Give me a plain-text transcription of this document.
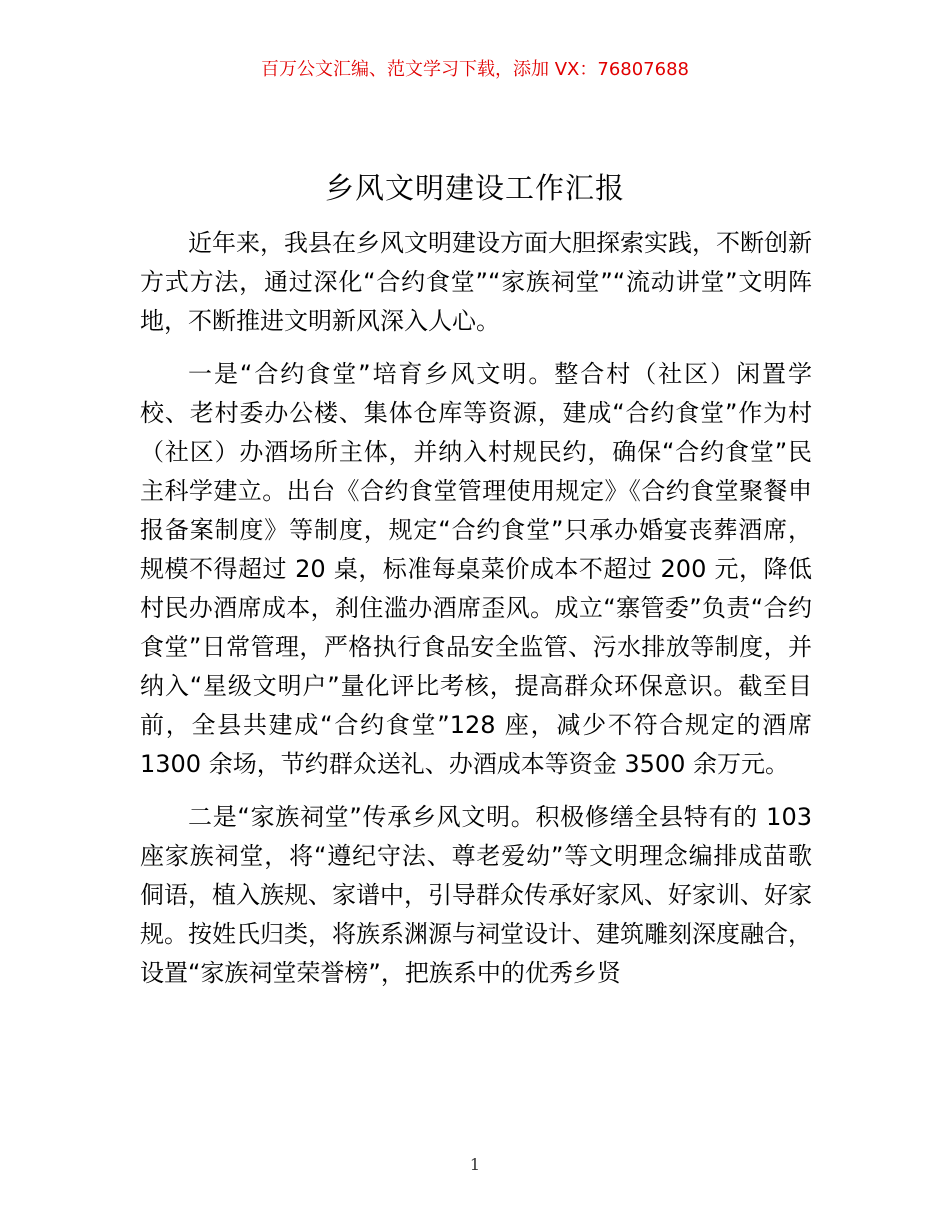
百万公文汇编、范文学习下载，添加 VX：76807688
乡风文明建设工作汇报

近年来，我县在乡风文明建设方面大胆探索实践，不断创新方式方法，通过深化“合约食堂”“家族祠堂”“流动讲堂”文明阵地，不断推进文明新风深入人心。

一是“合约食堂”培育乡风文明。整合村（社区）闲置学校、老村委办公楼、集体仓库等资源，建成“合约食堂”作为村（社区）办酒场所主体，并纳入村规民约，确保“合约食堂”民主科学建立。出台《合约食堂管理使用规定》《合约食堂聚餐申报备案制度》等制度，规定“合约食堂”只承办婚宴丧葬酒席，规模不得超过 20 桌，标准每桌菜价成本不超过 200 元，降低村民办酒席成本，刹住滥办酒席歪风。成立“寨管委”负责“合约食堂”日常管理，严格执行食品安全监管、污水排放等制度，并纳入“星级文明户”量化评比考核，提高群众环保意识。截至目前，全县共建成“合约食堂”128 座，减少不符合规定的酒席 1300 余场，节约群众送礼、办酒成本等资金 3500 余万元。

二是“家族祠堂”传承乡风文明。积极修缮全县特有的 103 座家族祠堂，将“遵纪守法、尊老爱幼”等文明理念编排成苗歌侗语，植入族规、家谱中，引导群众传承好家风、好家训、好家规。按姓氏归类，将族系渊源与祠堂设计、建筑雕刻深度融合，设置“家族祠堂荣誉榜”，把族系中的优秀乡贤

1
